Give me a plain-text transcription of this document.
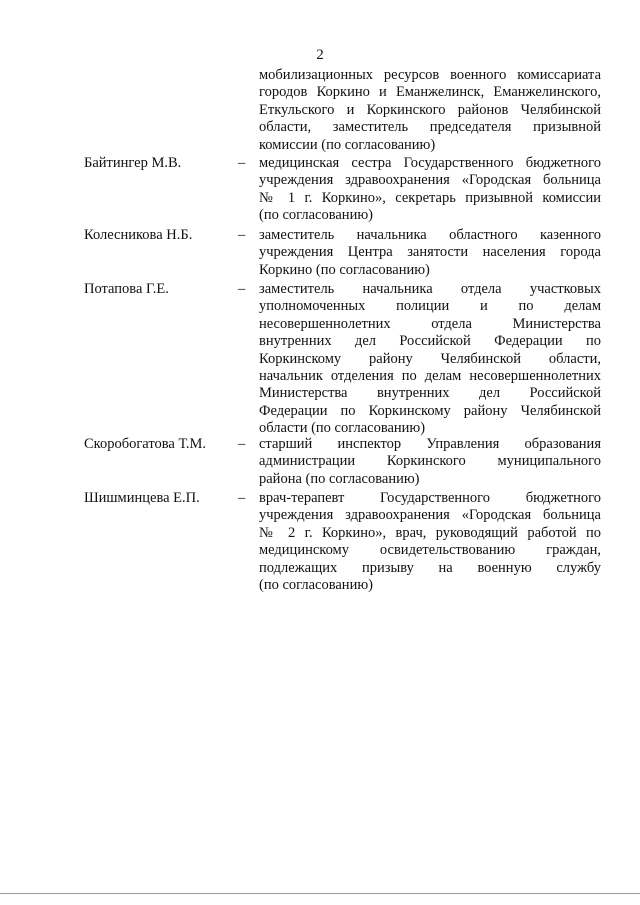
2
мобилизационных ресурсов военного комиссариата
городов Коркино и Еманжелинск, Еманжелинского,
Еткульского и Коркинского районов Челябинской
области, заместитель председателя призывной
комиссии (по согласованию)
Байтингер М.В.	– медицинская сестра Государственного бюджетного
учреждения здравоохранения «Городская больница
№ 1 г. Коркино», секретарь призывной комиссии
(по согласованию)
Колесникова Н.Б.	– заместитель начальника областного казенного
учреждения Центра занятости населения города
Коркино (по согласованию)
Потапова Г.Е.	– заместитель начальника отдела участковых
уполномоченных полиции и по делам
несовершеннолетних отдела Министерства
внутренних дел Российской Федерации по
Коркинскому району Челябинской области,
начальник отделения по делам несовершеннолетних
Министерства внутренних дел Российской
Федерации по Коркинскому району Челябинской
области (по согласованию)
Скоробогатова Т.М.	– старший инспектор Управления образования
администрации Коркинского муниципального
района (по согласованию)
Шишминцева Е.П.	– врач-терапевт Государственного бюджетного
учреждения здравоохранения «Городская больница
№ 2 г. Коркино», врач, руководящий работой по
медицинскому освидетельствованию граждан,
подлежащих призыву на военную службу
(по согласованию)
